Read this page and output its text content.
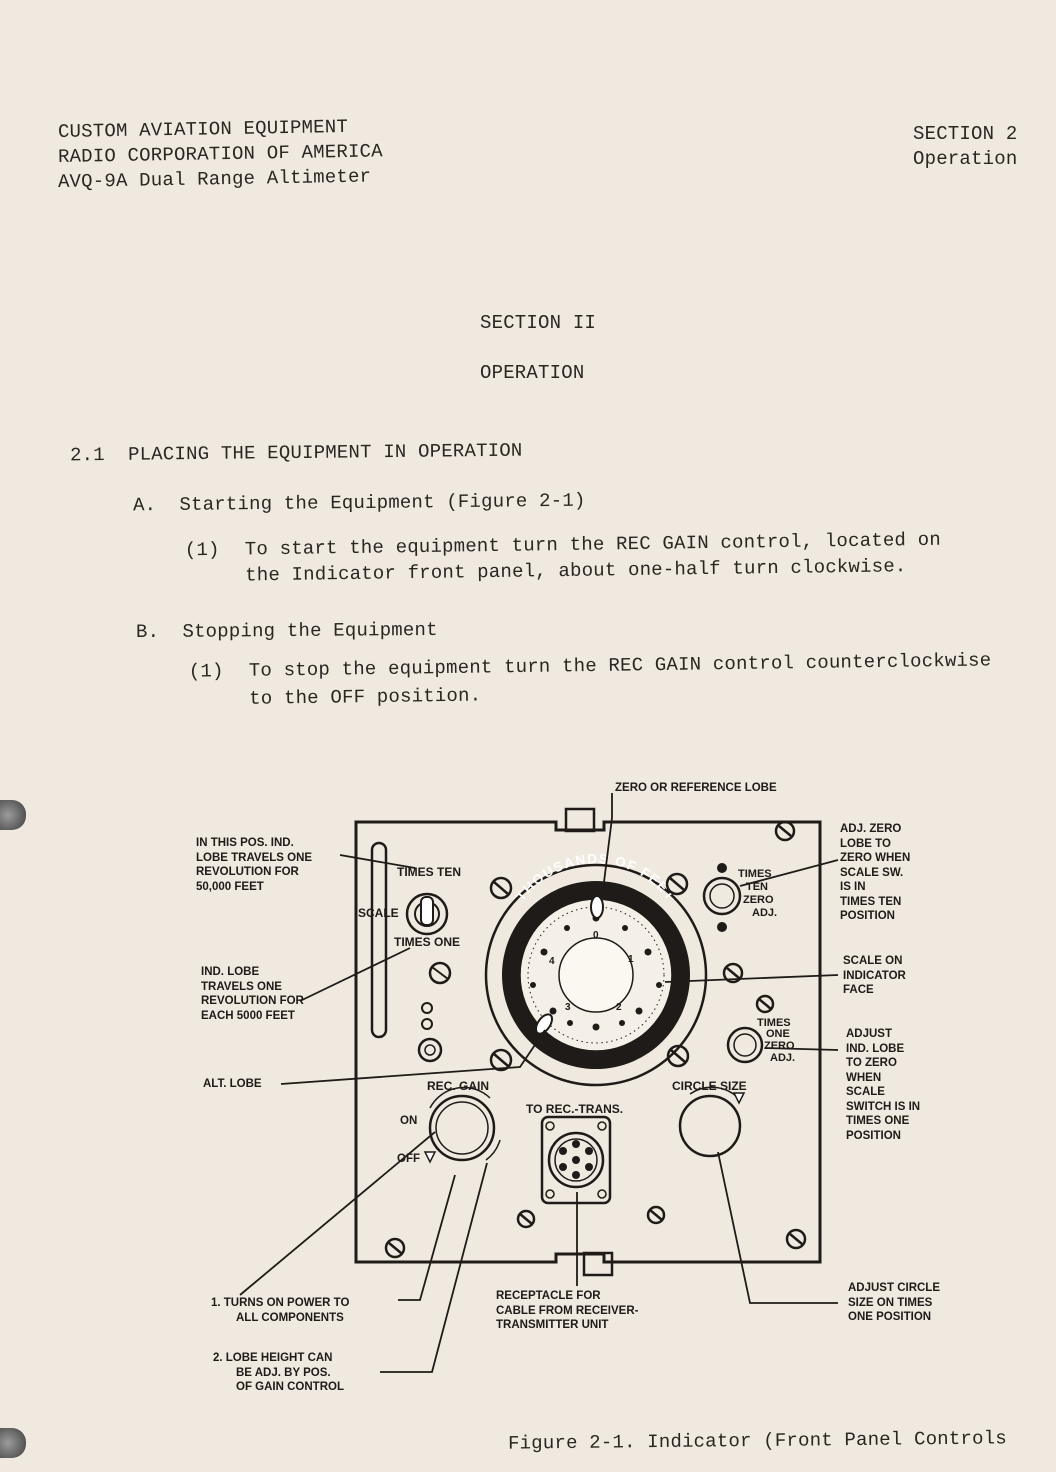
CUSTOM AVIATION EQUIPMENT
RADIO CORPORATION OF AMERICA
AVQ-9A Dual Range Altimeter
SECTION 2
Operation
SECTION II
OPERATION
2.1 PLACING THE EQUIPMENT IN OPERATION
A. Starting the Equipment (Figure 2-1)
(1) To start the equipment turn the REC GAIN control, located on
the Indicator front panel, about one-half turn clockwise.
B. Stopping the Equipment
(1) To stop the equipment turn the REC GAIN control counterclockwise
to the OFF position.
TIMES TEN
SCALE
TIMES ONE
THOUSANDS OF FEET
0
1
2
3
4
TIMES
TEN
ZERO
ADJ.
TIMES
ONE
ZERO
ADJ.
REC. GAIN
ON
OFF
TO REC.-TRANS.
CIRCLE SIZE
ZERO OR REFERENCE LOBE
IN THIS POS. IND.
LOBE TRAVELS ONE
REVOLUTION FOR
50,000 FEET
IND. LOBE
TRAVELS ONE
REVOLUTION FOR
EACH 5000 FEET
ALT. LOBE
ADJ. ZERO
LOBE TO
ZERO WHEN
SCALE SW.
IS IN
TIMES TEN
POSITION
SCALE ON
INDICATOR
FACE
ADJUST
IND. LOBE
TO ZERO
WHEN
SCALE
SWITCH IS IN
TIMES ONE
POSITION
1. TURNS ON POWER TO
ALL COMPONENTS
RECEPTACLE FOR
CABLE FROM RECEIVER-
TRANSMITTER UNIT
ADJUST CIRCLE
SIZE ON TIMES
ONE POSITION
2. LOBE HEIGHT CAN
BE ADJ. BY POS.
OF GAIN CONTROL
Figure 2-1. Indicator (Front Panel Controls
